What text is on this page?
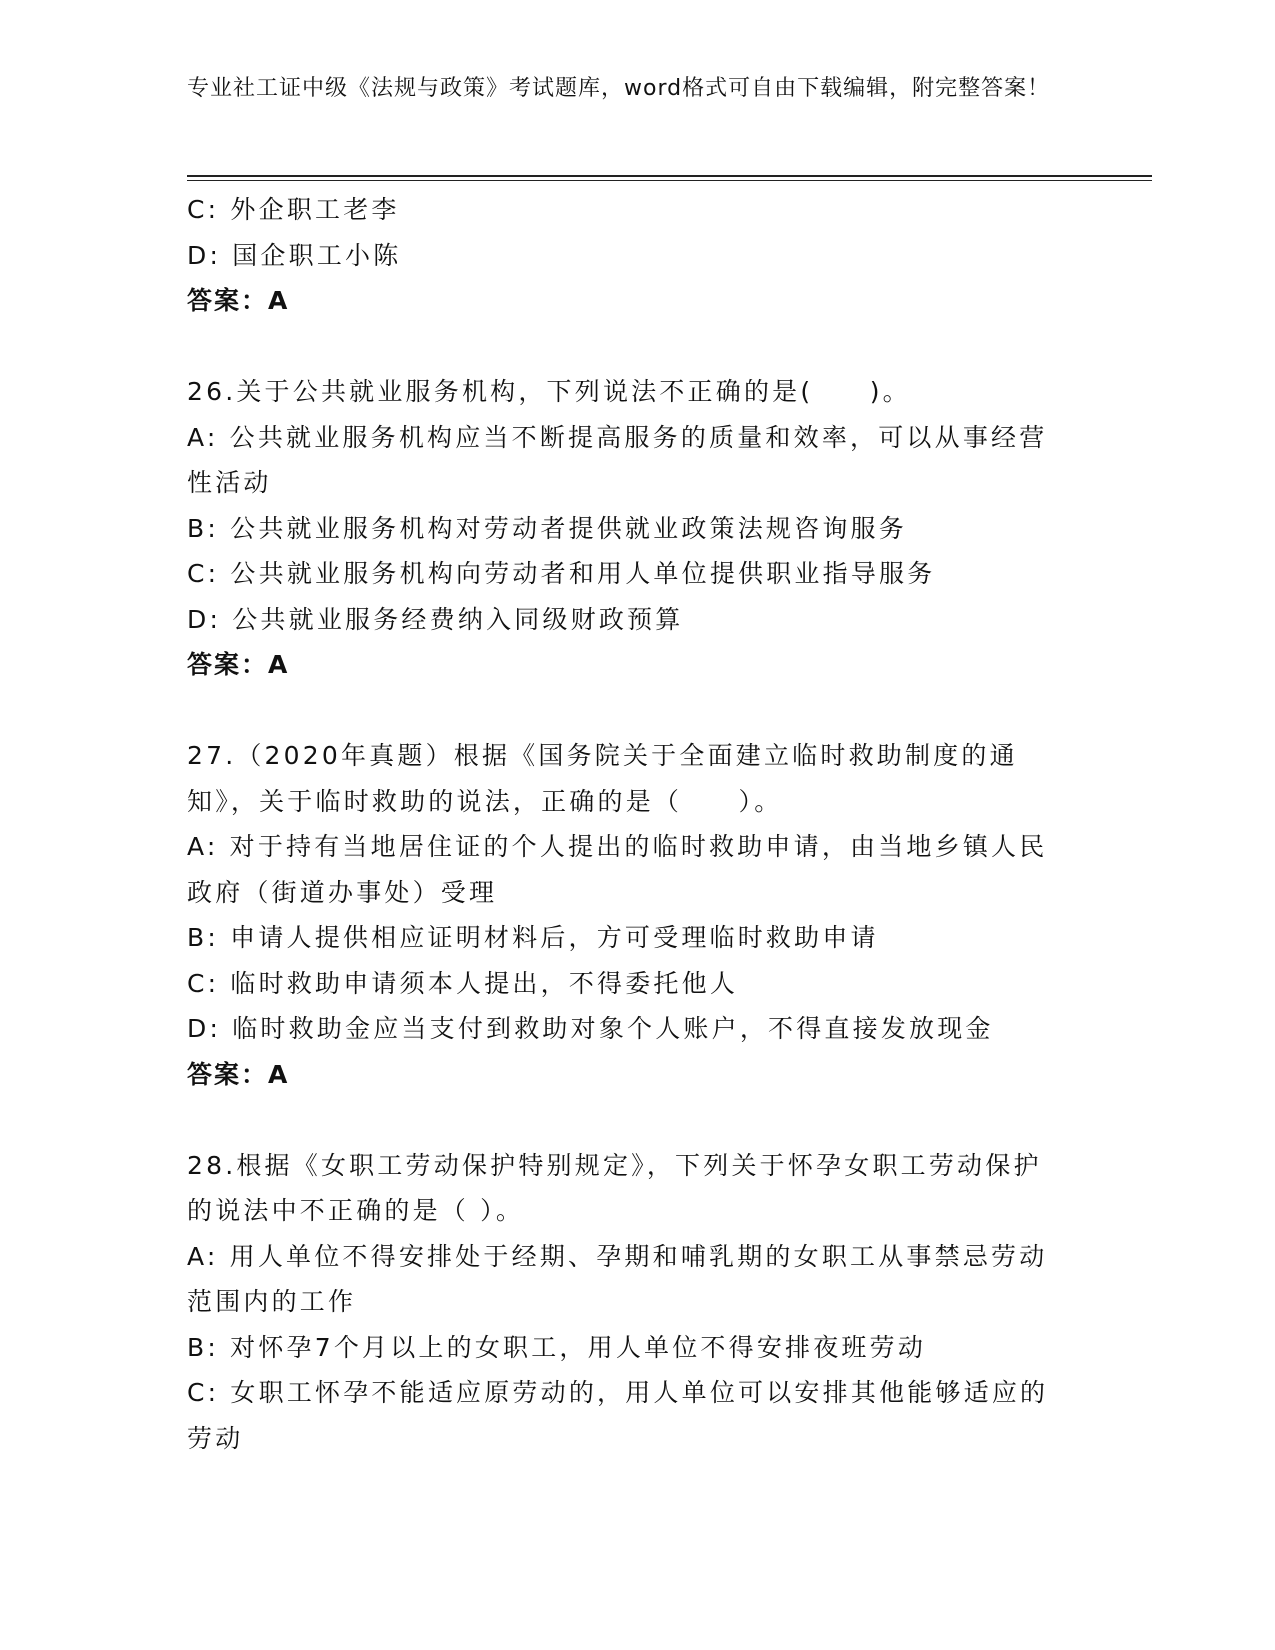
专业社工证中级《法规与政策》考试题库，word格式可自由下载编辑，附完整答案！

C: 外企职工老李

D: 国企职工小陈

答案：A

26.关于公共就业服务机构，下列说法不正确的是(　　)。

A: 公共就业服务机构应当不断提高服务的质量和效率，可以从事经营性活动

B: 公共就业服务机构对劳动者提供就业政策法规咨询服务

C: 公共就业服务机构向劳动者和用人单位提供职业指导服务

D: 公共就业服务经费纳入同级财政预算

答案：A

27.（2020年真题）根据《国务院关于全面建立临时救助制度的通知》，关于临时救助的说法，正确的是（　　）。

A: 对于持有当地居住证的个人提出的临时救助申请，由当地乡镇人民政府（街道办事处）受理

B: 申请人提供相应证明材料后，方可受理临时救助申请

C: 临时救助申请须本人提出，不得委托他人

D: 临时救助金应当支付到救助对象个人账户，不得直接发放现金

答案：A

28.根据《女职工劳动保护特别规定》，下列关于怀孕女职工劳动保护的说法中不正确的是（ ）。

A: 用人单位不得安排处于经期、孕期和哺乳期的女职工从事禁忌劳动范围内的工作

B: 对怀孕7个月以上的女职工，用人单位不得安排夜班劳动

C: 女职工怀孕不能适应原劳动的，用人单位可以安排其他能够适应的劳动
